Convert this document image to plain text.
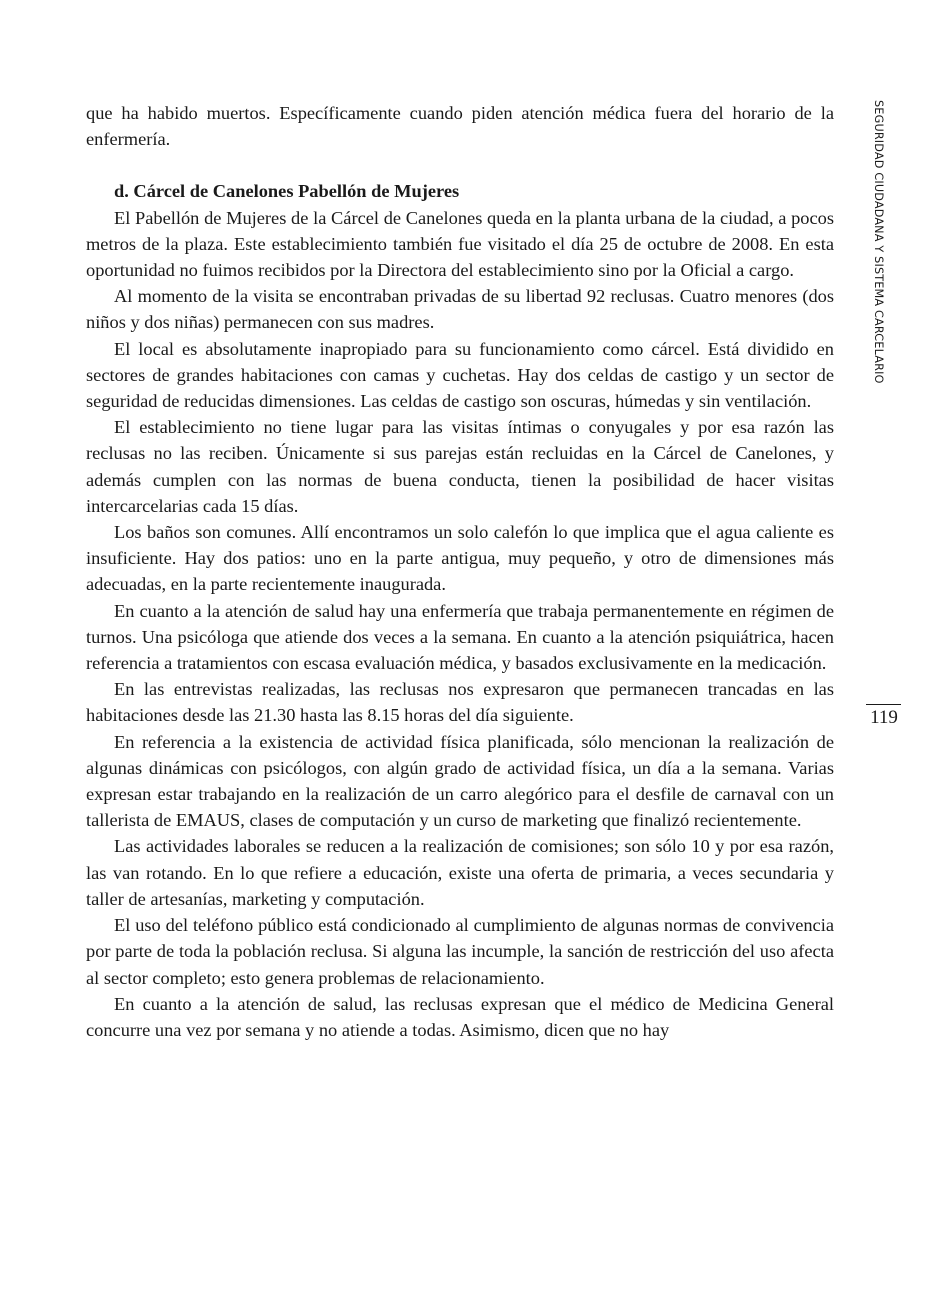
SEGURIDAD CIUDADANA Y SISTEMA CARCELARIO
119

que ha habido muertos. Específicamente cuando piden atención médica fuera del horario de la enfermería.

d. Cárcel de Canelones Pabellón de Mujeres

El Pabellón de Mujeres de la Cárcel de Canelones queda en la planta urbana de la ciudad, a pocos metros de la plaza. Este establecimiento también fue visitado el día 25 de octubre de 2008. En esta oportunidad no fuimos recibidos por la Directora del establecimiento sino por la Oficial a cargo.

Al momento de la visita se encontraban privadas de su libertad 92 reclusas. Cuatro menores (dos niños y dos niñas) permanecen con sus madres.

El local es absolutamente inapropiado para su funcionamiento como cárcel. Está dividido en sectores de grandes habitaciones con camas y cuchetas. Hay dos celdas de castigo y un sector de seguridad de reducidas dimensiones. Las celdas de castigo son oscuras, húmedas y sin ventilación.

El establecimiento no tiene lugar para las visitas íntimas o conyugales y por esa razón las reclusas no las reciben. Únicamente si sus parejas están recluidas en la Cárcel de Canelones, y además cumplen con las normas de buena conducta, tienen la posibilidad de hacer visitas intercarcelarias cada 15 días.

Los baños son comunes. Allí encontramos un solo calefón lo que implica que el agua caliente es insuficiente. Hay dos patios: uno en la parte antigua, muy pequeño, y otro de dimensiones más adecuadas, en la parte recientemente inaugurada.

En cuanto a la atención de salud hay una enfermería que trabaja permanentemente en régimen de turnos. Una psicóloga que atiende dos veces a la semana. En cuanto a la atención psiquiátrica, hacen referencia a tratamientos con escasa evaluación médica, y basados exclusivamente en la medicación.

En las entrevistas realizadas, las reclusas nos expresaron que permanecen trancadas en las habitaciones desde las 21.30 hasta las 8.15 horas del día siguiente.

En referencia a la existencia de actividad física planificada, sólo mencionan la realización de algunas dinámicas con psicólogos, con algún grado de actividad física, un día a la semana. Varias expresan estar trabajando en la realización de un carro alegórico para el desfile de carnaval con un tallerista de EMAUS, clases de computación y un curso de marketing que finalizó recientemente.

Las actividades laborales se reducen a la realización de comisiones; son sólo 10 y por esa razón, las van rotando. En lo que refiere a educación, existe una oferta de primaria, a veces secundaria y taller de artesanías, marketing y computación.

El uso del teléfono público está condicionado al cumplimiento de algunas normas de convivencia por parte de toda la población reclusa. Si alguna las incumple, la sanción de restricción del uso afecta al sector completo; esto genera problemas de relacionamiento.

En cuanto a la atención de salud, las reclusas expresan que el médico de Medicina General concurre una vez por semana y no atiende a todas. Asimismo, dicen que no hay
